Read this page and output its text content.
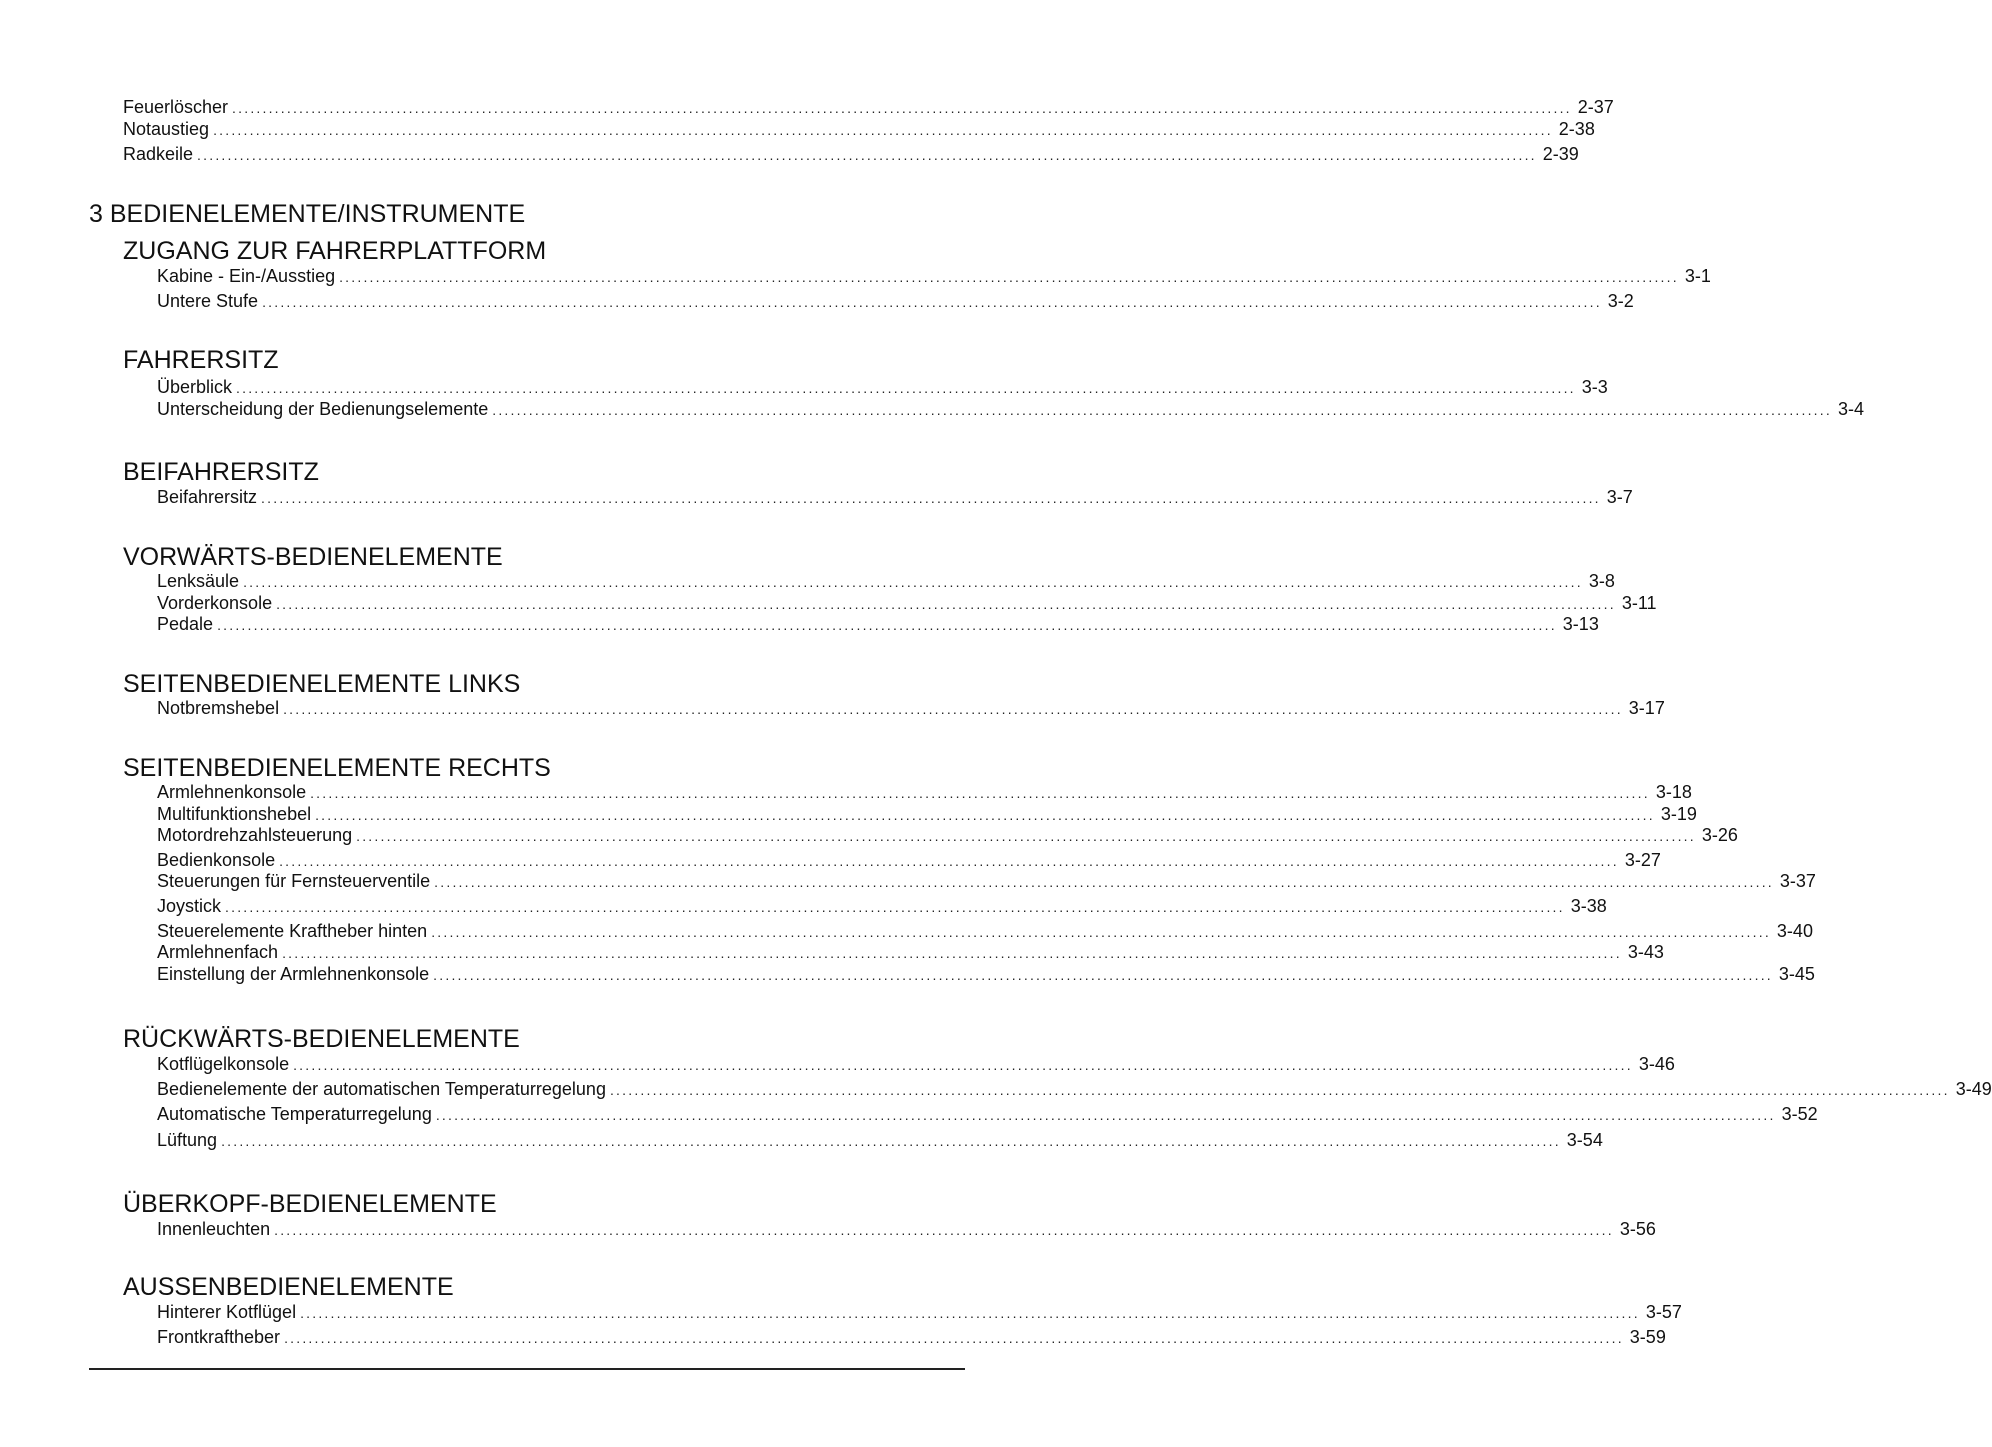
Feuerlöscher ............................................................................................................................................................................................................................ 2-37
Notaustieg ............................................................................................................................................................................................................................ 2-38
Radkeile ............................................................................................................................................................................................................................ 2-39
3 BEDIENELEMENTE/INSTRUMENTE
ZUGANG ZUR FAHRERPLATTFORM
Kabine - Ein-/Ausstieg ............................................................................................................................................................................................................................ 3-1
Untere Stufe ............................................................................................................................................................................................................................ 3-2
FAHRERSITZ
Überblick ............................................................................................................................................................................................................................ 3-3
Unterscheidung der Bedienungselemente ............................................................................................................................................................................................................................ 3-4
BEIFAHRERSITZ
Beifahrersitz ............................................................................................................................................................................................................................ 3-7
VORWÄRTS-BEDIENELEMENTE
Lenksäule ............................................................................................................................................................................................................................ 3-8
Vorderkonsole ............................................................................................................................................................................................................................ 3-11
Pedale ............................................................................................................................................................................................................................ 3-13
SEITENBEDIENELEMENTE LINKS
Notbremshebel ............................................................................................................................................................................................................................ 3-17
SEITENBEDIENELEMENTE RECHTS
Armlehnenkonsole ............................................................................................................................................................................................................................ 3-18
Multifunktionshebel ............................................................................................................................................................................................................................ 3-19
Motordrehzahlsteuerung ............................................................................................................................................................................................................................ 3-26
Bedienkonsole ............................................................................................................................................................................................................................ 3-27
Steuerungen für Fernsteuerventile ............................................................................................................................................................................................................................ 3-37
Joystick ............................................................................................................................................................................................................................ 3-38
Steuerelemente Kraftheber hinten ............................................................................................................................................................................................................................ 3-40
Armlehnenfach ............................................................................................................................................................................................................................ 3-43
Einstellung der Armlehnenkonsole ............................................................................................................................................................................................................................ 3-45
RÜCKWÄRTS-BEDIENELEMENTE
Kotflügelkonsole ............................................................................................................................................................................................................................ 3-46
Bedienelemente der automatischen Temperaturregelung ............................................................................................................................................................................................................................ 3-49
Automatische Temperaturregelung ............................................................................................................................................................................................................................ 3-52
Lüftung ............................................................................................................................................................................................................................ 3-54
ÜBERKOPF-BEDIENELEMENTE
Innenleuchten ............................................................................................................................................................................................................................ 3-56
AUSSENBEDIENELEMENTE
Hinterer Kotflügel ............................................................................................................................................................................................................................ 3-57
Frontkraftheber ............................................................................................................................................................................................................................ 3-59
